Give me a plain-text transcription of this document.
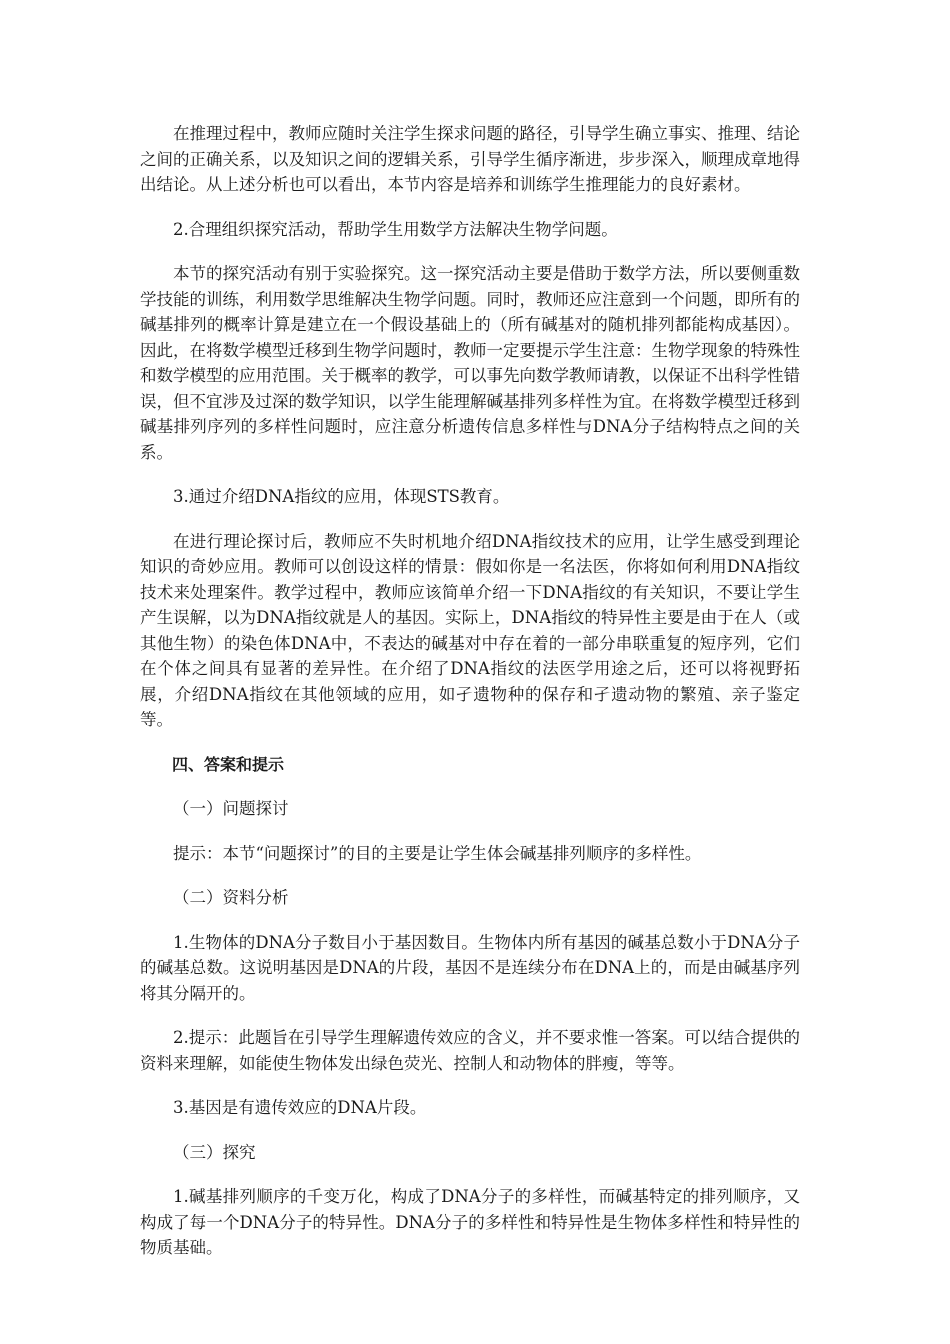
在推理过程中，教师应随时关注学生探求问题的路径，引导学生确立事实、推理、结论之间的正确关系，以及知识之间的逻辑关系，引导学生循序渐进，步步深入，顺理成章地得出结论。从上述分析也可以看出，本节内容是培养和训练学生推理能力的良好素材。

2.合理组织探究活动，帮助学生用数学方法解决生物学问题。

本节的探究活动有别于实验探究。这一探究活动主要是借助于数学方法，所以要侧重数学技能的训练，利用数学思维解决生物学问题。同时，教师还应注意到一个问题，即所有的碱基排列的概率计算是建立在一个假设基础上的（所有碱基对的随机排列都能构成基因）。因此，在将数学模型迁移到生物学问题时，教师一定要提示学生注意：生物学现象的特殊性和数学模型的应用范围。关于概率的教学，可以事先向数学教师请教，以保证不出科学性错误，但不宜涉及过深的数学知识，以学生能理解碱基排列多样性为宜。在将数学模型迁移到碱基排列序列的多样性问题时，应注意分析遗传信息多样性与DNA分子结构特点之间的关系。

3.通过介绍DNA指纹的应用，体现STS教育。

在进行理论探讨后，教师应不失时机地介绍DNA指纹技术的应用，让学生感受到理论知识的奇妙应用。教师可以创设这样的情景：假如你是一名法医，你将如何利用DNA指纹技术来处理案件。教学过程中，教师应该简单介绍一下DNA指纹的有关知识，不要让学生产生误解，以为DNA指纹就是人的基因。实际上，DNA指纹的特异性主要是由于在人（或其他生物）的染色体DNA中，不表达的碱基对中存在着的一部分串联重复的短序列，它们在个体之间具有显著的差异性。在介绍了DNA指纹的法医学用途之后，还可以将视野拓展，介绍DNA指纹在其他领域的应用，如孑遗物种的保存和孑遗动物的繁殖、亲子鉴定等。

四、答案和提示

（一）问题探讨

提示：本节“问题探讨”的目的主要是让学生体会碱基排列顺序的多样性。

（二）资料分析

1.生物体的DNA分子数目小于基因数目。生物体内所有基因的碱基总数小于DNA分子的碱基总数。这说明基因是DNA的片段，基因不是连续分布在DNA上的，而是由碱基序列将其分隔开的。

2.提示：此题旨在引导学生理解遗传效应的含义，并不要求惟一答案。可以结合提供的资料来理解，如能使生物体发出绿色荧光、控制人和动物体的胖瘦，等等。

3.基因是有遗传效应的DNA片段。

（三）探究

1.碱基排列顺序的千变万化，构成了DNA分子的多样性，而碱基特定的排列顺序，又构成了每一个DNA分子的特异性。DNA分子的多样性和特异性是生物体多样性和特异性的物质基础。
